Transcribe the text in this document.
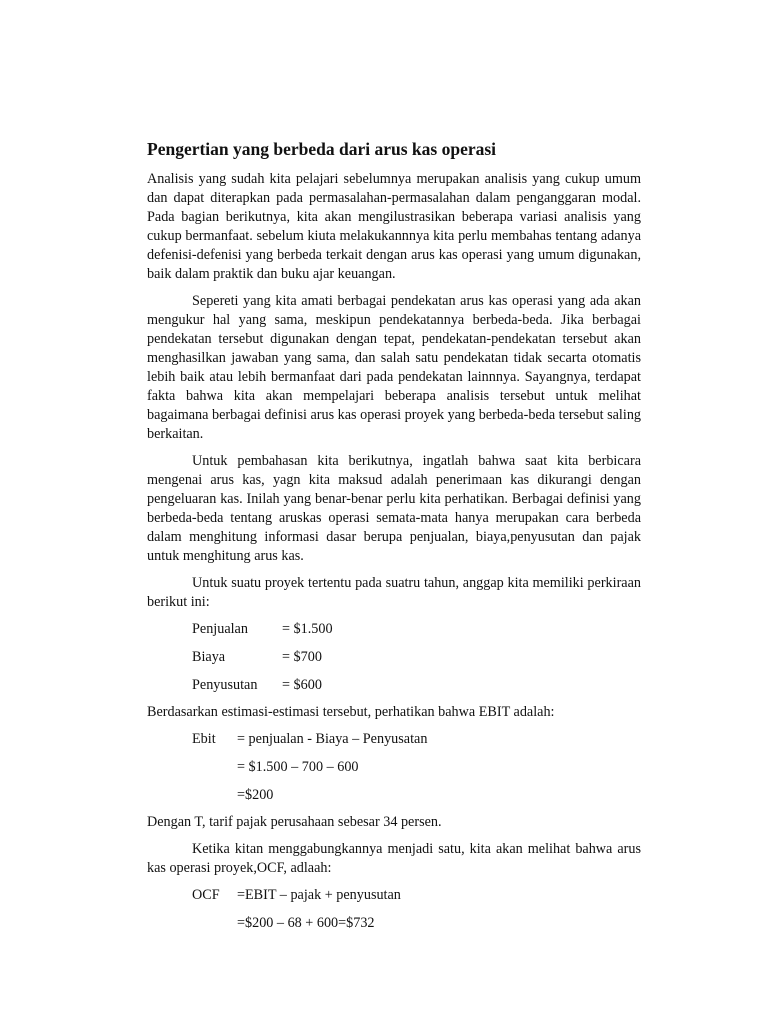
Pengertian yang berbeda dari arus kas operasi

Analisis yang sudah kita pelajari sebelumnya merupakan analisis yang cukup umum dan dapat diterapkan pada permasalahan-permasalahan dalam penganggaran modal. Pada bagian berikutnya, kita akan mengilustrasikan beberapa variasi analisis yang cukup bermanfaat. sebelum kiuta melakukannnya kita perlu membahas tentang adanya defenisi-defenisi yang berbeda terkait dengan arus kas operasi yang umum digunakan, baik dalam praktik dan buku ajar keuangan.

Sepereti yang kita amati berbagai pendekatan arus kas operasi yang ada akan mengukur hal yang sama, meskipun pendekatannya berbeda-beda. Jika berbagai pendekatan tersebut digunakan dengan tepat, pendekatan-pendekatan tersebut akan menghasilkan jawaban yang sama, dan salah satu pendekatan tidak secarta otomatis lebih baik atau lebih bermanfaat dari pada pendekatan lainnnya. Sayangnya, terdapat fakta bahwa kita akan mempelajari beberapa analisis tersebut untuk melihat bagaimana berbagai definisi arus kas operasi proyek yang berbeda-beda tersebut saling berkaitan.

Untuk pembahasan kita berikutnya, ingatlah bahwa saat kita berbicara mengenai arus kas, yagn kita maksud adalah penerimaan kas dikurangi dengan pengeluaran kas. Inilah yang benar-benar perlu kita perhatikan. Berbagai definisi yang berbeda-beda tentang aruskas operasi semata-mata hanya merupakan cara berbeda dalam menghitung informasi dasar berupa penjualan, biaya,penyusutan dan pajak untuk menghitung arus kas.

Untuk suatu proyek tertentu pada suatru tahun, anggap kita memiliki perkiraan berikut ini:

Penjualan = $1.500
Biaya	= $700
Penyusutan = $600

Berdasarkan estimasi-estimasi tersebut, perhatikan bahwa EBIT adalah:

Ebit = penjualan - Biaya – Penyusatan
= $1.500 – 700 – 600
=$200

Dengan T, tarif pajak perusahaan sebesar 34 persen.

Ketika kitan menggabungkannya menjadi satu, kita akan melihat bahwa arus kas operasi proyek,OCF, adlaah:

OCF =EBIT – pajak + penyusutan
=$200 – 68 + 600=$732
